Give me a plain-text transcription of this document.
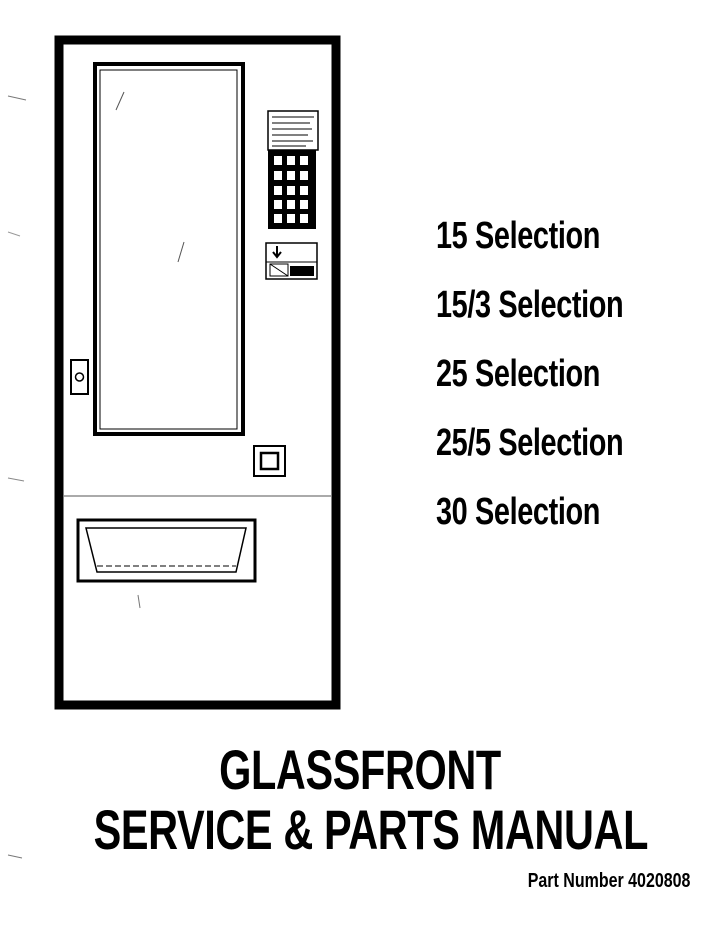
15 Selection
15/3 Selection
25 Selection
25/5 Selection
30 Selection
GLASSFRONT
SERVICE & PARTS MANUAL
Part Number 4020808
